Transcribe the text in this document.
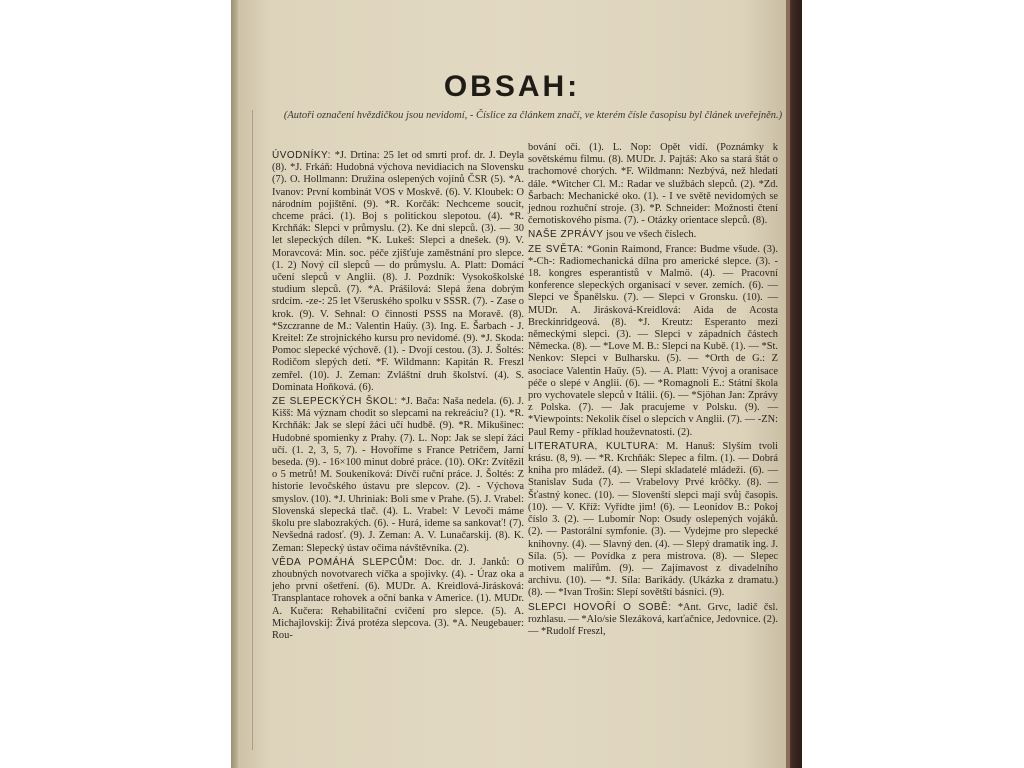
OBSAH:
(Autoři označení hvězdičkou jsou nevidomí, - Číslice za článkem značí, ve kterém čísle časopisu byl článek uveřejněn.)

ÚVODNÍKY: *J. Drtina: 25 let od smrti prof. dr. J. Deyla (8). *J. Frkáň: Hudobná výchova nevidiacich na Slovensku (7). O. Hollmann: Družina oslepených vojínů ČSR (5). *A. Ivanov: První kombinát VOS v Moskvě. (6). V. Kloubek: O národním pojištění. (9). *R. Korčák: Nechceme soucit, chceme práci. (1). Boj s politickou slepotou. (4). *R. Krchňák: Slepci v průmyslu. (2). Ke dni slepců. (3). — 30 let slepeckých dílen. *K. Lukeš: Slepci a dnešek. (9). V. Moravcová: Min. soc. péče zjišťuje zaměstnání pro slepce. (1. 2) Nový cíl slepců — do průmyslu. A. Platt: Domácí učení slepců v Anglii. (8). J. Pozdník: Vysokoškolské studium slepců. (7). *A. Prášilová: Slepá žena dobrým srdcím. -ze-: 25 let Všeruského spolku v SSSR. (7). - Zase o krok. (9). V. Sehnal: O činnosti PSSS na Moravě. (8). *Szczranne de M.: Valentin Haüy. (3). Ing. E. Šarbach - J. Kreitel: Ze strojnického kursu pro nevidomé. (9). *J. Skoda: Pomoc slepecké výchově. (1). - Dvojí cestou. (3). J. Šoltés: Rodičom slepých detí. *F. Wildmann: Kapitán R. Freszl zemřel. (10). J. Zeman: Zvláštní druh školství. (4). S. Dominata Hoňková. (6).

ZE SLEPECKÝCH ŠKOL: *J. Bača: Našа nedela. (6). J. Kišš: Má význam chodit so slepcami na rekreáciu? (1). *R. Krchňák: Jak se slepí žáci učí hudbě. (9). *R. Mikušinec: Hudobné spomienky z Prahy. (7). L. Nop: Jak se slepí žáci učí. (1. 2, 3, 5, 7). - Hovoříme s France Petričem, Jarní beseda. (9). - 16×100 minut dobré práce. (10). OKr: Zvítězil o 5 metrů! M. Soukeníková: Dívčí ruční práce. J. Šoltés: Z historie levočského ústavu pre slepcov. (2). - Výchova smyslov. (10). *J. Uhriniak: Boli sme v Prahe. (5). J. Vrabel: Slovenská slepecká tlač. (4). L. Vrabel: V Levoči máme školu pre slabozrakých. (6). - Hurá, ideme sa sankovať! (7). Nevšedná radosť. (9). J. Zeman: A. V. Lunačarskij. (8). K. Zeman: Slepecký ústav očima návštěvníka. (2).

VĚDA POMÁHÁ SLEPCŮM: Doc. dr. J. Janků: O zhoubných novotvarech víčka a spojivky. (4). - Úraz oka a jeho první ošetření. (6). MUDr. A. Kreidlová-Jirásková: Transplantace rohovek a oční banka v Americe. (1). MUDr. A. Kučera: Rehabilitační cvičení pro slepce. (5). A. Michajlovskij: Živá protéza slepcova. (3). *A. Neugebauer: Rou-

bování oči. (1). L. Nop: Opět vidí. (Poznámky k sovětskému filmu. (8). MUDr. J. Pajtáš: Ako sa stará štát o trachomové chorých. *F. Wildmann: Nezbývá, než hledati dále. *Witcher Cl. M.: Radar ve službách slepců. (2). *Zd. Šarbach: Mechanické oko. (1). - I ve světě nevidomých se jednou rozhuční stroje. (3). *P. Schneider: Možnosti čtení černotiskového písma. (7). - Otázky orientace slepců. (8).

NAŠE ZPRÁVY jsou ve všech číslech.

ZE SVĚTA: *Gonin Raimond, France: Budme všude. (3). *-Ch-: Radiomechanická dílna pro americké slepce. (3). - 18. kongres esperantistů v Malmö. (4). — Pracovní konference slepeckých organisací v sever. zemích. (6). — Slepci ve Španělsku. (7). — Slepci v Gronsku. (10). — MUDr. A. Jirásková-Kreidlová: Aida de Acosta Breckinridgeová. (8). *J. Kreutz: Esperanto mezi německými slepci. (3). — Slepci v západních částech Německa. (8). — *Love M. B.: Slepci na Kubě. (1). — *St. Nenkov: Slepci v Bulharsku. (5). — *Orth de G.: Z asociace Valentin Haüy. (5). — A. Platt: Vývoj a oranisace péče o slepé v Anglii. (6). — *Romagnoli E.: Státní škola pro vychovatele slepců v Itálii. (6). — *Sjöhan Jan: Zprávy z Polska. (7). — Jak pracujeme v Polsku. (9). — *Viewpoints: Nekolik čísel o slepcích v Anglii. (7). — -ZN: Paul Remy - příklad houževnatosti. (2).

LITERATURA, KULTURA: M. Hanuš: Slyším tvoli krásu. (8, 9). — *R. Krchňák: Slepec a film. (1). — Dobrá kniha pro mládež. (4). — Slepí skladatelé mládeži. (6). — Stanislav Suda (7). — Vrabelovy Prvé krôčky. (8). — Šťastný konec. (10). — Slovenští slepci mají svůj časopis. (10). — V. Kříž: Vyřídte jim! (6). — Leonidov B.: Pokoj číslo 3. (2). — Lubomír Nop: Osudy oslepených vojáků. (2). — Pastorální symfonie. (3). — Vydejme pro slepecké knihovny. (4). — Slavný den. (4). — Slepý dramatik ing. J. Síla. (5). — Povídka z pera mistrova. (8). — Slepec motivem malířům. (9). — Zajímavost z divadelního archivu. (10). — *J. Síla: Barikády. (Ukázka z dramatu.) (8). — *Ivan Trošin: Slepí sovětští básníci. (9).

SLEPCI HOVOŘÍ O SOBĚ: *Ant. Grvc, ladič čsl. rozhlasu. — *Alo/sie Slezáková, karťačnice, Jedovnice. (2). — *Rudolf Freszl,
